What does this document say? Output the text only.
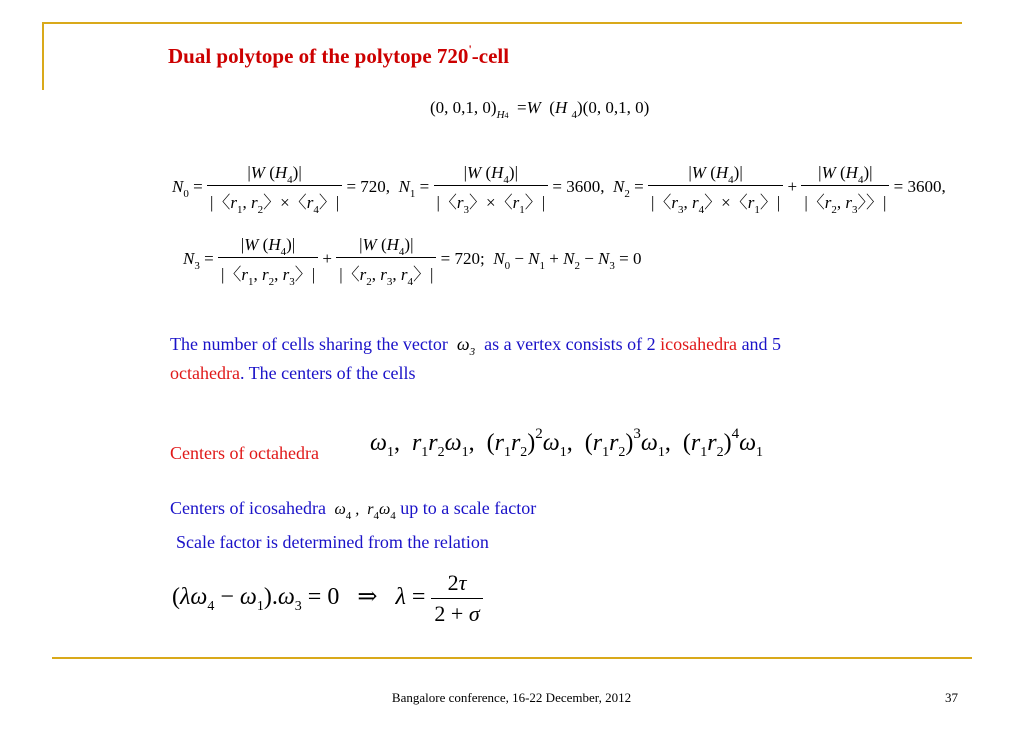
Dual polytope of the polytope 720'-cell
(0, 0,1, $0)_{H4} =W$  (H $_4$)(0, 0,1, 0)
$N_0 = \frac{|W (H_4)|}{|〈r_1, r_2〉\times〈r_4〉|} = 720$,  $N_1 = \frac{|W (H_4)|}{|〈r_3〉\times〈r_1〉|} = 3600$,  $N_2 = \frac{|W (H_4)|}{|〈r_3, r_4〉\times〈r_1〉|} + \frac{|W (H_4)|}{|〈r_2, r_3〉〉|} = 3600$,
$N_3 = \frac{|W (H_4)|}{|〈r_1, r_2, r_3〉|} + \frac{|W (H_4)|}{|〈r_2, r_3, r_4〉|} = 720$;  $N_0 - N_1 + N_2 - N_3 = 0$
The number of cells sharing the vector $\omega_3$ as a vertex consists of 2 icosahedra and 5
octahedra. The centers of the cells
Centers of octahedra $\omega_1$,  $r_1r_2\omega_1$,  $(r_1r_2)^2\omega_1$,  $(r_1r_2)^3\omega_1$,  $(r_1r_2)^4\omega_1$
Centers of icosahedra  $\omega_4$ ,  $r_4\omega_4$ up to a scale factor
Scale factor is determined from the relation
$(\lambda\omega_4 - \omega_1).\omega_3 = 0$   ⇒   $\lambda = \frac{2\tau}{2 + \sigma}$
Bangalore conference, 16-22 December, 2012	37
